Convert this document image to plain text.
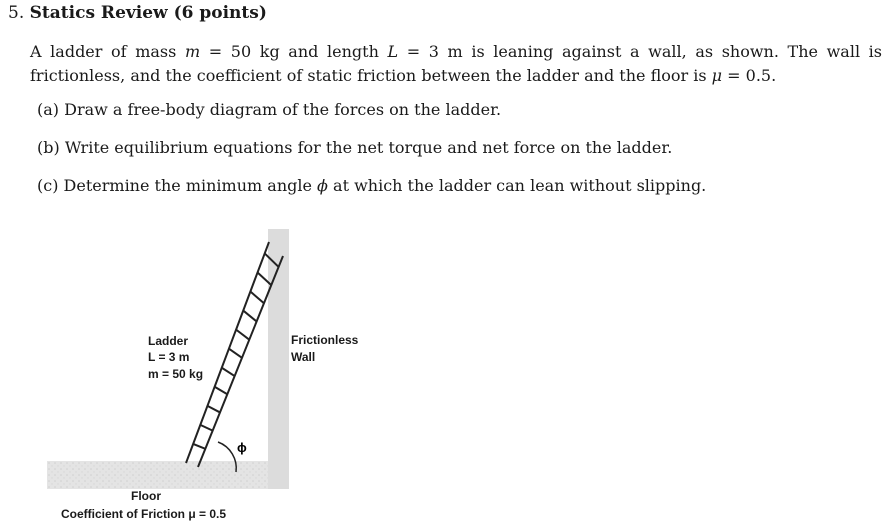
5. Statics Review (6 points)
A ladder of mass m = 50 kg and length L = 3 m is leaning against a wall, as shown. The wall is frictionless, and the coefficient of static friction between the ladder and the floor is μ = 0.5.
(a) Draw a free-body diagram of the forces on the ladder.
(b) Write equilibrium equations for the net torque and net force on the ladder.
(c) Determine the minimum angle ϕ at which the ladder can lean without slipping.
ϕ
Ladder
L = 3 m
m = 50 kg
Frictionless
Wall
Floor
Coefficient of Friction μ = 0.5
